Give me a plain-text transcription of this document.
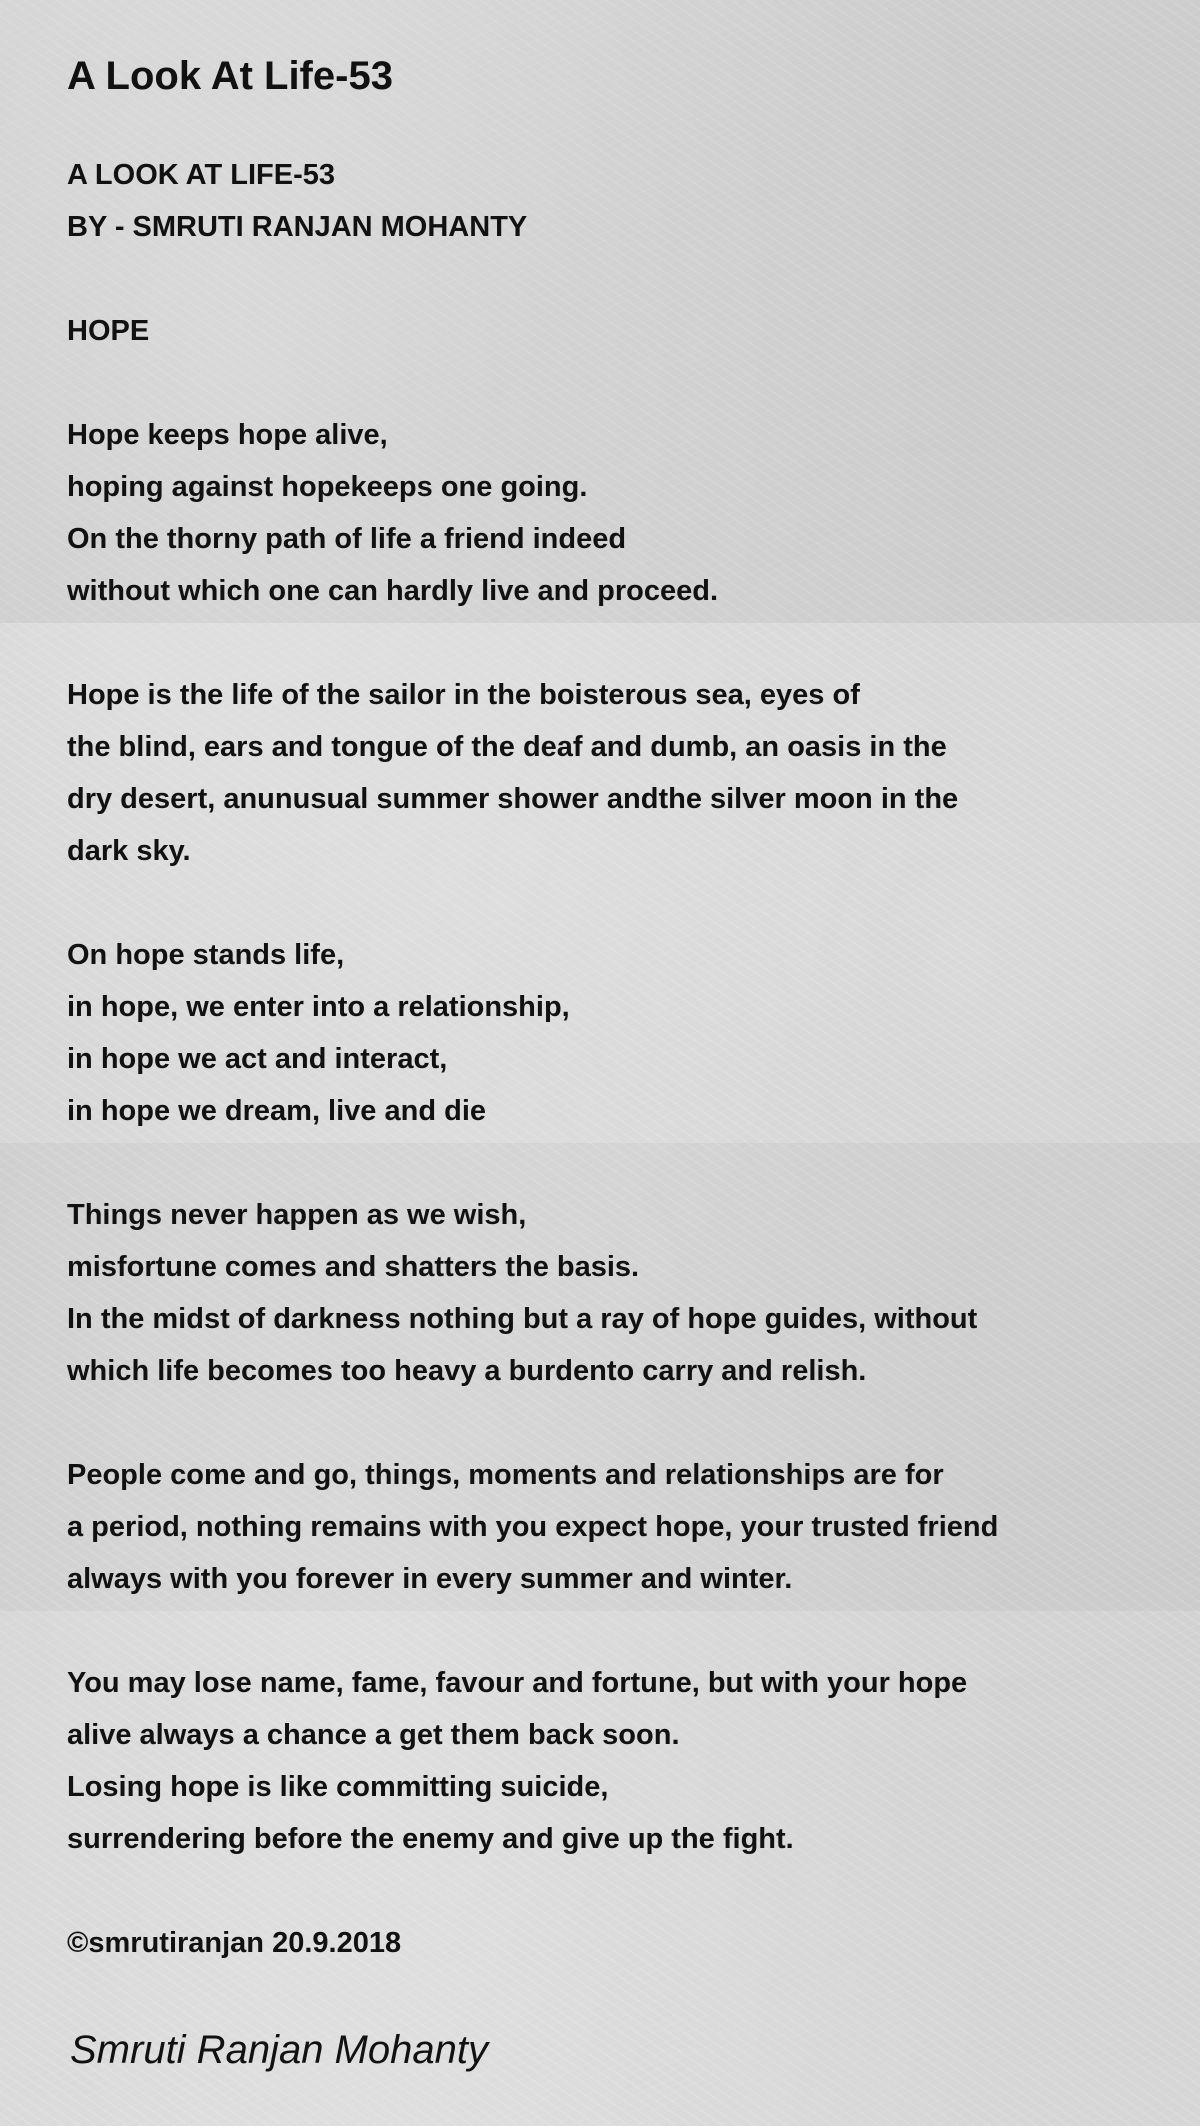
A Look At Life-53
A LOOK AT LIFE-53
BY - SMRUTI RANJAN MOHANTY
HOPE
Hope keeps hope alive,
hoping against hopekeeps one going.
On the thorny path of life a friend indeed
without which one can hardly live and proceed.
Hope is the life of the sailor in the boisterous sea, eyes of
the blind, ears and tongue of the deaf and dumb, an oasis in the
dry desert, anunusual summer shower andthe silver moon in the
dark sky.
On hope stands life,
in hope, we enter into a relationship,
in hope we act and interact,
in hope we dream, live and die
Things never happen as we wish,
misfortune comes and shatters the basis.
In the midst of darkness nothing but a ray of hope guides, without
which life becomes too heavy a burdento carry and relish.
People come and go, things, moments and relationships are for
a period, nothing remains with you expect hope, your trusted friend
always with you forever in every summer and winter.
You may lose name, fame, favour and fortune, but with your hope
alive always a chance a get them back soon.
Losing hope is like committing suicide,
surrendering before the enemy and give up the fight.
©smrutiranjan 20.9.2018
Smruti Ranjan Mohanty
